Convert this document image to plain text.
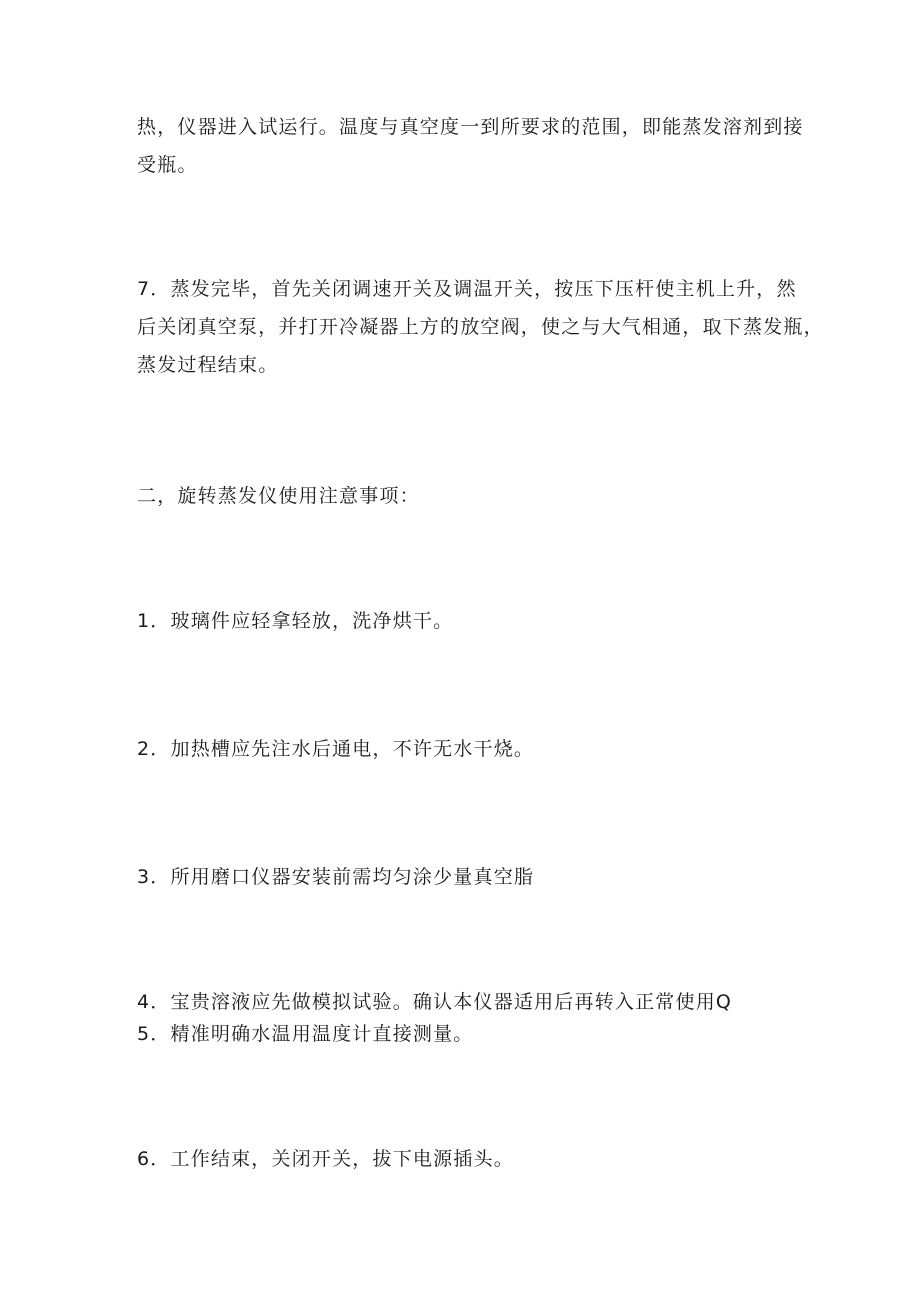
热，仪器进入试运行。温度与真空度一到所要求的范围，即能蒸发溶剂到接
受瓶。
7．蒸发完毕，首先关闭调速开关及调温开关，按压下压杆使主机上升，然
后关闭真空泵，并打开冷凝器上方的放空阀，使之与大气相通，取下蒸发瓶，
蒸发过程结束。
二，旋转蒸发仪使用注意事项：
1．玻璃件应轻拿轻放，洗净烘干。
2．加热槽应先注水后通电，不许无水干烧。
3．所用磨口仪器安装前需均匀涂少量真空脂
4．宝贵溶液应先做模拟试验。确认本仪器适用后再转入正常使用Q
5．精准明确水温用温度计直接测量。
6．工作结束，关闭开关，拔下电源插头。
